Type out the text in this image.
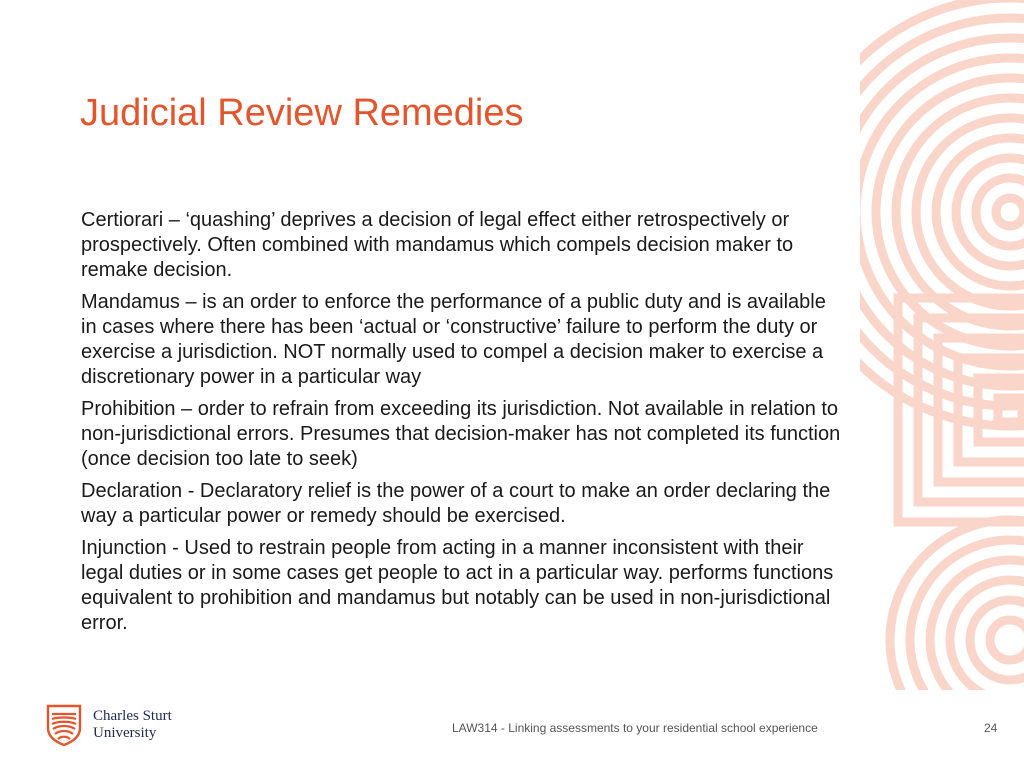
Judicial Review Remedies

Certiorari – ‘quashing’ deprives a decision of legal effect either retrospectively or prospectively. Often combined with mandamus which compels decision maker to remake decision.

Mandamus – is an order to enforce the performance of a public duty and is available in cases where there has been ‘actual or ‘constructive’ failure to perform the duty or exercise a jurisdiction. NOT normally used to compel a decision maker to exercise a discretionary power in a particular way

Prohibition – order to refrain from exceeding its jurisdiction. Not available in relation to non-jurisdictional errors. Presumes that decision-maker has not completed its function (once decision too late to seek)

Declaration - Declaratory relief is the power of a court to make an order declaring the way a particular power or remedy should be exercised.

Injunction - Used to restrain people from acting in a manner inconsistent with their legal duties or in some cases get people to act in a particular way. performs functions equivalent to prohibition and mandamus but notably can be used in non-jurisdictional error.

Charles Sturt
University	LAW314 - Linking assessments to your residential school experience	24
